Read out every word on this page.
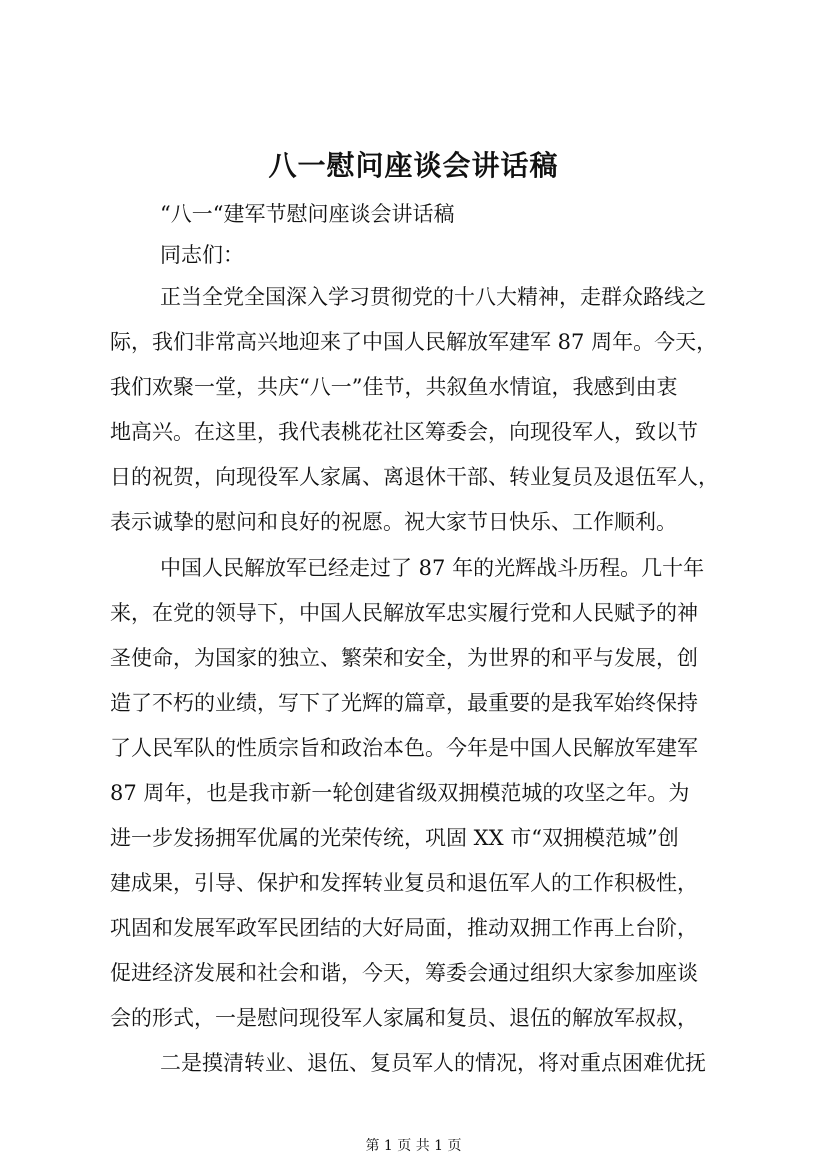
八一慰问座谈会讲话稿

“八一“建军节慰问座谈会讲话稿

同志们：

正当全党全国深入学习贯彻党的十八大精神，走群众路线之

际，我们非常高兴地迎来了中国人民解放军建军 87 周年。今天，

我们欢聚一堂，共庆“八一”佳节，共叙鱼水情谊，我感到由衷

地高兴。在这里，我代表桃花社区筹委会，向现役军人，致以节

日的祝贺，向现役军人家属、离退休干部、转业复员及退伍军人，

表示诚挚的慰问和良好的祝愿。祝大家节日快乐、工作顺利。

中国人民解放军已经走过了 87 年的光辉战斗历程。几十年

来，在党的领导下，中国人民解放军忠实履行党和人民赋予的神

圣使命，为国家的独立、繁荣和安全，为世界的和平与发展，创

造了不朽的业绩，写下了光辉的篇章，最重要的是我军始终保持

了人民军队的性质宗旨和政治本色。今年是中国人民解放军建军

87 周年，也是我市新一轮创建省级双拥模范城的攻坚之年。为

进一步发扬拥军优属的光荣传统，巩固 XX 市“双拥模范城”创

建成果，引导、保护和发挥转业复员和退伍军人的工作积极性，

巩固和发展军政军民团结的大好局面，推动双拥工作再上台阶，

促进经济发展和社会和谐，今天，筹委会通过组织大家参加座谈

会的形式，一是慰问现役军人家属和复员、退伍的解放军叔叔，

二是摸清转业、退伍、复员军人的情况，将对重点困难优抚

第 1 页 共 1 页
